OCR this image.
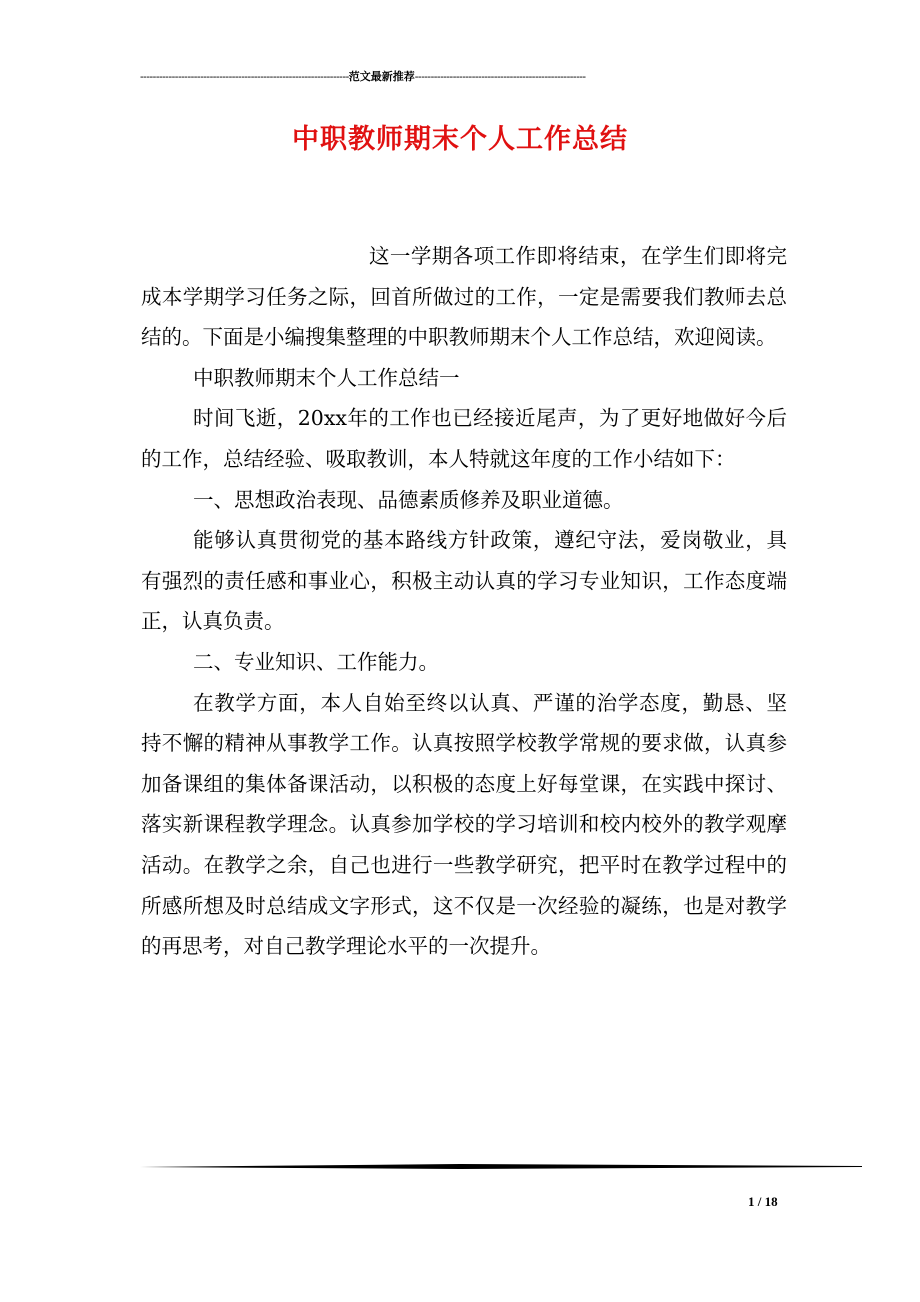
------------------------------------------------------------------范文最新推荐------------------------------------------------------
中职教师期末个人工作总结

这一学期各项工作即将结束，在学生们即将完成本学期学习任务之际，回首所做过的工作，一定是需要我们教师去总结的。下面是小编搜集整理的中职教师期末个人工作总结，欢迎阅读。

中职教师期末个人工作总结一

时间飞逝，20xx年的工作也已经接近尾声，为了更好地做好今后的工作，总结经验、吸取教训，本人特就这年度的工作小结如下：

一、思想政治表现、品德素质修养及职业道德。

能够认真贯彻党的基本路线方针政策，遵纪守法，爱岗敬业，具有强烈的责任感和事业心，积极主动认真的学习专业知识，工作态度端正，认真负责。

二、专业知识、工作能力。

在教学方面，本人自始至终以认真、严谨的治学态度，勤恳、坚持不懈的精神从事教学工作。认真按照学校教学常规的要求做，认真参加备课组的集体备课活动，以积极的态度上好每堂课，在实践中探讨、落实新课程教学理念。认真参加学校的学习培训和校内校外的教学观摩活动。在教学之余，自己也进行一些教学研究，把平时在教学过程中的所感所想及时总结成文字形式，这不仅是一次经验的凝练，也是对教学的再思考，对自己教学理论水平的一次提升。

1 / 18
